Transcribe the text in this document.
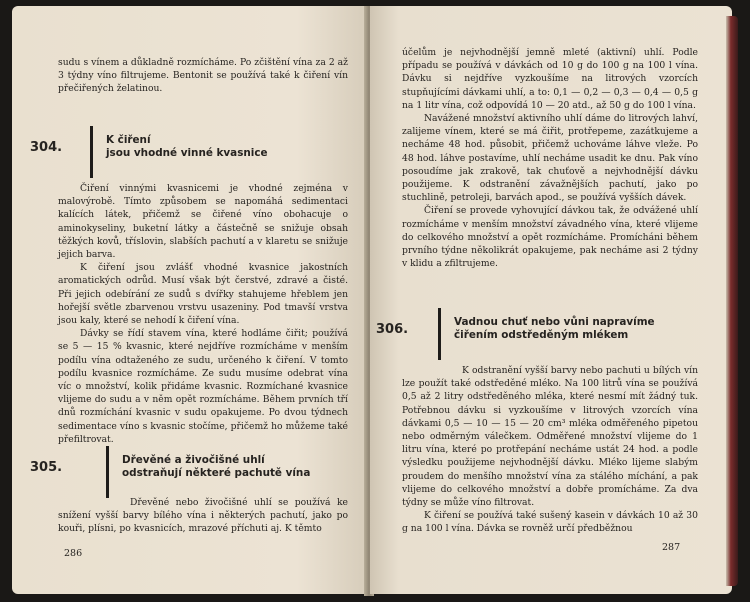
sudu s vínem a důkladně rozmícháme. Po zčištění vína za 2 až 3 týdny víno filtrujeme. Bentonit se používá také k čiření vín přečiřených želatinou.

304.	K čiření
jsou vhodné vinné kvasnice

Čiření vinnými kvasnicemi je vhodné zejména v malovýrobě. Tímto způsobem se napomáhá sedimentaci kalících látek, přičemž se čiřené víno obohacuje o aminokyseliny, buketní látky a částečně se snižuje obsah těžkých kovů, tříslovin, slabších pachutí a v klaretu se snižuje jejich barva.

K čiření jsou zvlášť vhodné kvasnice jakostních aromatických odrůd. Musí však být čerstvé, zdravé a čisté. Při jejich odebírání ze sudů s dvířky stahujeme hřeblem jen hořejší světle zbarvenou vrstvu usazeniny. Pod tmavší vrstva jsou kaly, které se nehodí k čiření vína.

Dávky se řídí stavem vína, které hodláme čiřit; používá se 5 — 15 % kvasnic, které nejdříve rozmícháme v menším podílu vína odtaženého ze sudu, určeného k čiření. V tomto podílu kvasnice rozmícháme. Ze sudu musíme odebrat vína víc o množství, kolik přidáme kvasnic. Rozmíchané kvasnice vlijeme do sudu a v něm opět rozmícháme. Během prvních tří dnů rozmíchání kvasnic v sudu opakujeme. Po dvou týdnech sedimentace víno s kvasnic stočíme, přičemž ho můžeme také přefiltrovat.

305.	Dřevěné a živočišné uhlí
odstraňují některé pachutě vína

Dřevěné nebo živočišné uhlí se používá ke snížení vyšší barvy bílého vína i některých pachutí, jako po kouři, plísni, po kvasnicích, mrazové příchuti aj. K těmto

286

účelům je nejvhodnější jemně mleté (aktivní) uhlí. Podle případu se používá v dávkách od 10 g do 100 g na 100 l vína. Dávku si nejdříve vyzkoušíme na litrových vzorcích stupňujícími dávkami uhlí, a to: 0,1 — 0,2 — 0,3 — 0,4 — 0,5 g na 1 litr vína, což odpovídá 10 — 20 atd., až 50 g do 100 l vína.

Navážené množství aktivního uhlí dáme do litrových lahví, zalijeme vínem, které se má čiřit, protřepeme, zazátkujeme a necháme 48 hod. působit, přičemž uchováme láhve vleže. Po 48 hod. láhve postavíme, uhlí necháme usadit ke dnu. Pak víno posoudíme jak zrakově, tak chuťově a nejvhodnější dávku použijeme. K odstranění závažnějších pachutí, jako po stuchlině, petroleji, barvách apod., se používá vyšších dávek.

Čiření se provede vyhovující dávkou tak, že odvážené uhlí rozmícháme v menším množství závadného vína, které vlijeme do celkového množství a opět rozmícháme. Promícháni během prvního týdne několikrát opakujeme, pak necháme asi 2 týdny v klidu a zfiltrujeme.

306.	Vadnou chuť nebo vůni napravíme
čiřením odstředěným mlékem

K odstranění vyšší barvy nebo pachuti u bílých vín lze použít také odstředěné mléko. Na 100 litrů vína se používá 0,5 až 2 litry odstředěného mléka, které nesmí mít žádný tuk. Potřebnou dávku si vyzkoušíme v litrových vzorcích vína dávkami 0,5 — 10 — 15 — 20 cm³ mléka odměřeného pipetou nebo odměrným válečkem. Odměřené množství vlijeme do 1 litru vína, které po protřepání necháme ustát 24 hod. a podle výsledku použijeme nejvhodnější dávku. Mléko lijeme slabým proudem do menšího množství vína za stálého míchání, a pak vlijeme do celkového množství a dobře promícháme. Za dva týdny se může víno filtrovat.

K čiření se používá také sušený kasein v dávkách 10 až 30 g na 100 l vína. Dávka se rovněž určí předběžnou

287
